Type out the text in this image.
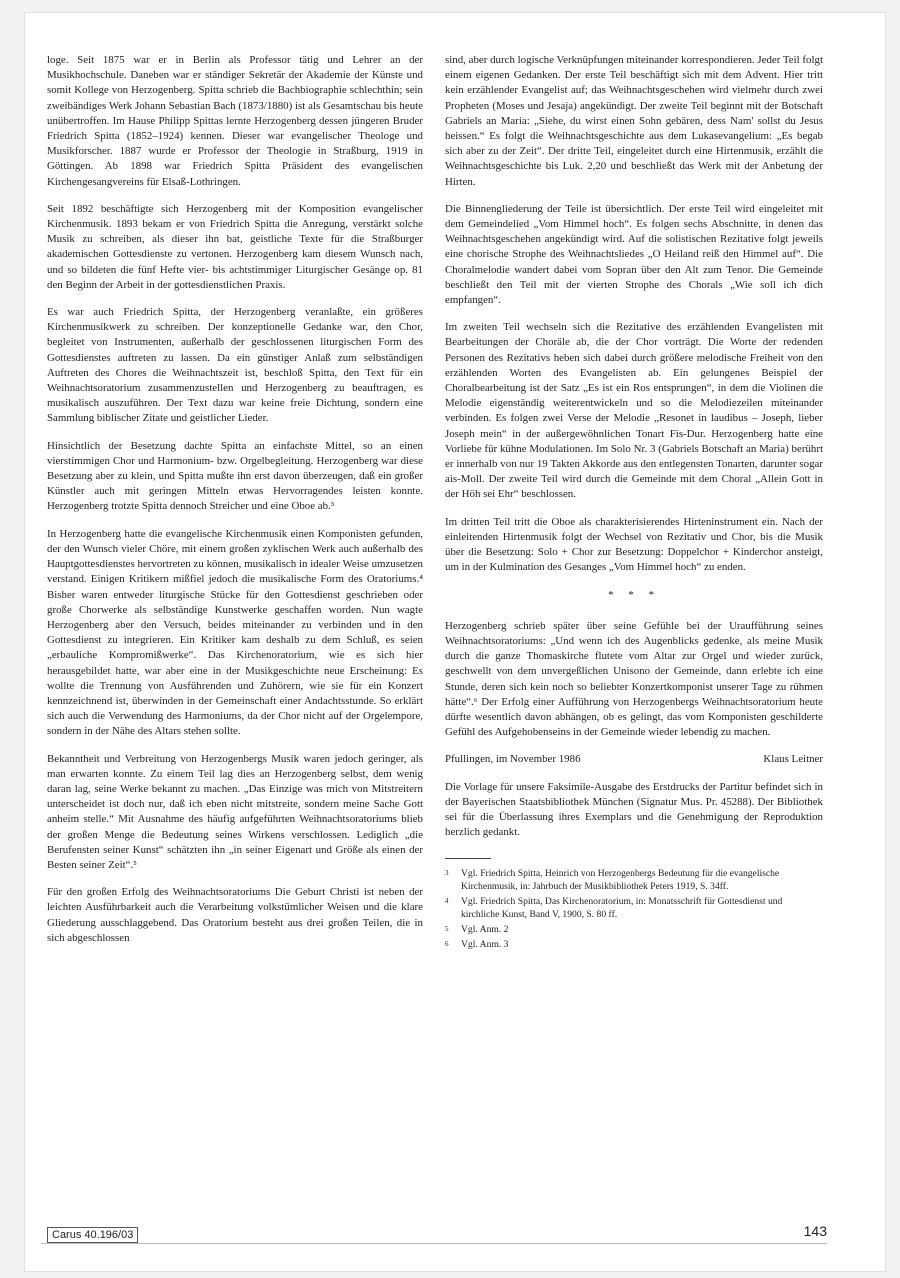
loge. Seit 1875 war er in Berlin als Professor tätig und Lehrer an der Musikhochschule. Daneben war er ständiger Sekretär der Akademie der Künste und somit Kollege von Herzogenberg. Spitta schrieb die Bachbiographie schlechthin; sein zweibändiges Werk Johann Sebastian Bach (1873/1880) ist als Gesamtschau bis heute unübertroffen. Im Hause Philipp Spittas lernte Herzogenberg dessen jüngeren Bruder Friedrich Spitta (1852–1924) kennen. Dieser war evangelischer Theologe und Musikforscher. 1887 wurde er Professor der Theologie in Straßburg, 1919 in Göttingen. Ab 1898 war Friedrich Spitta Präsident des evangelischen Kirchengesangvereins für Elsaß-Lothringen.

Seit 1892 beschäftigte sich Herzogenberg mit der Komposition evangelischer Kirchenmusik. 1893 bekam er von Friedrich Spitta die Anregung, verstärkt solche Musik zu schreiben, als dieser ihn bat, geistliche Texte für die Straßburger akademischen Gottesdienste zu vertonen. Herzogenberg kam diesem Wunsch nach, und so bildeten die fünf Hefte vier- bis achtstimmiger Liturgischer Gesänge op. 81 den Beginn der Arbeit in der gottesdienstlichen Praxis.

Es war auch Friedrich Spitta, der Herzogenberg veranlaßte, ein größeres Kirchenmusikwerk zu schreiben. Der konzeptionelle Gedanke war, den Chor, begleitet von Instrumenten, außerhalb der geschlossenen liturgischen Form des Gottesdienstes auftreten zu lassen. Da ein günstiger Anlaß zum selbständigen Auftreten des Chores die Weihnachtszeit ist, beschloß Spitta, den Text für ein Weihnachtsoratorium zusammenzustellen und Herzogenberg zu beauftragen, es musikalisch auszuführen. Der Text dazu war keine freie Dichtung, sondern eine Sammlung biblischer Zitate und geistlicher Lieder.

Hinsichtlich der Besetzung dachte Spitta an einfachste Mittel, so an einen vierstimmigen Chor und Harmonium- bzw. Orgelbegleitung. Herzogenberg war diese Besetzung aber zu klein, und Spitta mußte ihn erst davon überzeugen, daß ein großer Künstler auch mit geringen Mitteln etwas Hervorragendes leisten konnte. Herzogenberg trotzte Spitta dennoch Streicher und eine Oboe ab.³

In Herzogenberg hatte die evangelische Kirchenmusik einen Komponisten gefunden, der den Wunsch vieler Chöre, mit einem großen zyklischen Werk auch außerhalb des Hauptgottesdienstes hervortreten zu können, musikalisch in idealer Weise umzusetzen verstand. Einigen Kritikern mißfiel jedoch die musikalische Form des Oratoriums.⁴ Bisher waren entweder liturgische Stücke für den Gottesdienst geschrieben oder große Chorwerke als selbständige Kunstwerke geschaffen worden. Nun wagte Herzogenberg aber den Versuch, beides miteinander zu verbinden und in den Gottesdienst zu integrieren. Ein Kritiker kam deshalb zu dem Schluß, es seien „erbauliche Kompromißwerke“. Das Kirchenoratorium, wie es sich hier herausgebildet hatte, war aber eine in der Musikgeschichte neue Erscheinung: Es wollte die Trennung von Ausführenden und Zuhörern, wie sie für ein Konzert kennzeichnend ist, überwinden in der Gemeinschaft einer Andachtsstunde. So erklärt sich auch die Verwendung des Harmoniums, da der Chor nicht auf der Orgelempore, sondern in der Nähe des Altars stehen sollte.

Bekanntheit und Verbreitung von Herzogenbergs Musik waren jedoch geringer, als man erwarten konnte. Zu einem Teil lag dies an Herzogenberg selbst, dem wenig daran lag, seine Werke bekannt zu machen. „Das Einzige was mich von Mitstreitern unterscheidet ist doch nur, daß ich eben nicht mitstreite, sondern meine Sache Gott anheim stelle.“ Mit Ausnahme des häufig aufgeführten Weihnachtsoratoriums blieb der großen Menge die Bedeutung seines Wirkens verschlossen. Lediglich „die Berufensten seiner Kunst“ schätzten ihn „in seiner Eigenart und Größe als einen der Besten seiner Zeit“.⁵

Für den großen Erfolg des Weihnachtsoratoriums Die Geburt Christi ist neben der leichten Ausführbarkeit auch die Verarbeitung volkstümlicher Weisen und die klare Gliederung ausschlaggebend. Das Oratorium besteht aus drei großen Teilen, die in sich abgeschlossen

sind, aber durch logische Verknüpfungen miteinander korrespondieren. Jeder Teil folgt einem eigenen Gedanken. Der erste Teil beschäftigt sich mit dem Advent. Hier tritt kein erzählender Evangelist auf; das Weihnachtsgeschehen wird vielmehr durch zwei Propheten (Moses und Jesaja) angekündigt. Der zweite Teil beginnt mit der Botschaft Gabriels an Maria: „Siehe, du wirst einen Sohn gebären, dess Nam' sollst du Jesus heissen.“ Es folgt die Weihnachtsgeschichte aus dem Lukasevangelium: „Es begab sich aber zu der Zeit“. Der dritte Teil, eingeleitet durch eine Hirtenmusik, erzählt die Weihnachtsgeschichte bis Luk. 2,20 und beschließt das Werk mit der Anbetung der Hirten.

Die Binnengliederung der Teile ist übersichtlich. Der erste Teil wird eingeleitet mit dem Gemeindelied „Vom Himmel hoch“. Es folgen sechs Abschnitte, in denen das Weihnachtsgeschehen angekündigt wird. Auf die solistischen Rezitative folgt jeweils eine chorische Strophe des Weihnachtsliedes „O Heiland reiß den Himmel auf“. Die Choralmelodie wandert dabei vom Sopran über den Alt zum Tenor. Die Gemeinde beschließt den Teil mit der vierten Strophe des Chorals „Wie soll ich dich empfangen“.

Im zweiten Teil wechseln sich die Rezitative des erzählenden Evangelisten mit Bearbeitungen der Choräle ab, die der Chor vorträgt. Die Worte der redenden Personen des Rezitativs heben sich dabei durch größere melodische Freiheit von den erzählenden Worten des Evangelisten ab. Ein gelungenes Beispiel der Choralbearbeitung ist der Satz „Es ist ein Ros entsprungen“, in dem die Violinen die Melodie eigenständig weiterentwickeln und so die Melodiezeilen miteinander verbinden. Es folgen zwei Verse der Melodie „Resonet in laudibus – Joseph, lieber Joseph mein“ in der außergewöhnlichen Tonart Fis-Dur. Herzogenberg hatte eine Vorliebe für kühne Modulationen. Im Solo Nr. 3 (Gabriels Botschaft an Maria) berührt er innerhalb von nur 19 Takten Akkorde aus den entlegensten Tonarten, darunter sogar ais-Moll. Der zweite Teil wird durch die Gemeinde mit dem Choral „Allein Gott in der Höh sei Ehr“ beschlossen.

Im dritten Teil tritt die Oboe als charakterisierendes Hirteninstrument ein. Nach der einleitenden Hirtenmusik folgt der Wechsel von Rezitativ und Chor, bis die Musik über die Besetzung: Solo + Chor zur Besetzung: Doppelchor + Kinderchor ansteigt, um in der Kulmination des Gesanges „Vom Himmel hoch“ zu enden.

* * *

Herzogenberg schrieb später über seine Gefühle bei der Uraufführung seines Weihnachtsoratoriums: „Und wenn ich des Augenblicks gedenke, als meine Musik durch die ganze Thomaskirche flutete vom Altar zur Orgel und wieder zurück, geschwellt von dem unvergeßlichen Unisono der Gemeinde, dann erlebte ich eine Stunde, deren sich kein noch so beliebter Konzertkomponist unserer Tage zu rühmen hätte“.⁶ Der Erfolg einer Aufführung von Herzogenbergs Weihnachtsoratorium heute dürfte wesentlich davon abhängen, ob es gelingt, das vom Komponisten geschilderte Gefühl des Aufgehobenseins in der Gemeinde wieder lebendig zu machen.

Pfullingen, im November 1986	Klaus Leitner

Die Vorlage für unsere Faksimile-Ausgabe des Erstdrucks der Partitur befindet sich in der Bayerischen Staatsbibliothek München (Signatur Mus. Pr. 45288). Der Bibliothek sei für die Überlassung ihres Exemplars und die Genehmigung der Reproduktion herzlich gedankt.

3	Vgl. Friedrich Spitta, Heinrich von Herzogenbergs Bedeutung für die evangelische Kirchenmusik, in: Jahrbuch der Musikbibliothek Peters 1919, S. 34ff.
4	Vgl. Friedrich Spitta, Das Kirchenoratorium, in: Monatsschrift für Gottesdienst und kirchliche Kunst, Band V, 1900, S. 80 ff.
5	Vgl. Anm. 2
6	Vgl. Anm. 3
Carus 40.196/03	143
